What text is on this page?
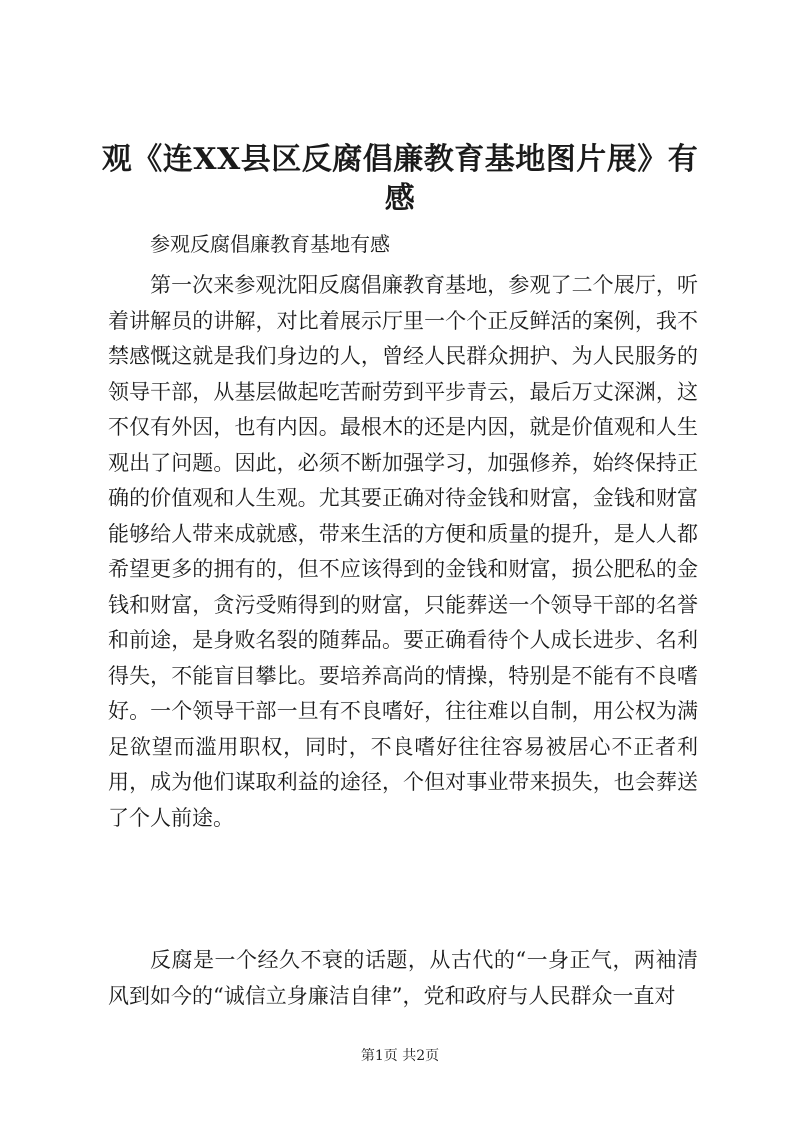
观《连XX县区反腐倡廉教育基地图片展》有感

参观反腐倡廉教育基地有感

第一次来参观沈阳反腐倡廉教育基地，参观了二个展厅，听着讲解员的讲解，对比着展示厅里一个个正反鲜活的案例，我不禁感慨这就是我们身边的人，曾经人民群众拥护、为人民服务的领导干部，从基层做起吃苦耐劳到平步青云，最后万丈深渊，这不仅有外因，也有内因。最根木的还是内因，就是价值观和人生观出了问题。因此，必须不断加强学习，加强修养，始终保持正确的价值观和人生观。尤其要正确对待金钱和财富，金钱和财富能够给人带来成就感，带来生活的方便和质量的提升，是人人都希望更多的拥有的，但不应该得到的金钱和财富，损公肥私的金钱和财富，贪污受贿得到的财富，只能葬送一个领导干部的名誉和前途，是身败名裂的随葬品。要正确看待个人成长进步、名利得失，不能盲目攀比。要培养高尚的情操，特别是不能有不良嗜好。一个领导干部一旦有不良嗜好，往往难以自制，用公权为满足欲望而滥用职权，同时，不良嗜好往往容易被居心不正者利用，成为他们谋取利益的途径，个但对事业带来损失，也会葬送了个人前途。

反腐是一个经久不衰的话题，从古代的“一身正气，两袖清风到如今的“诚信立身廉洁自律”，党和政府与人民群众一直对

第1页 共2页
